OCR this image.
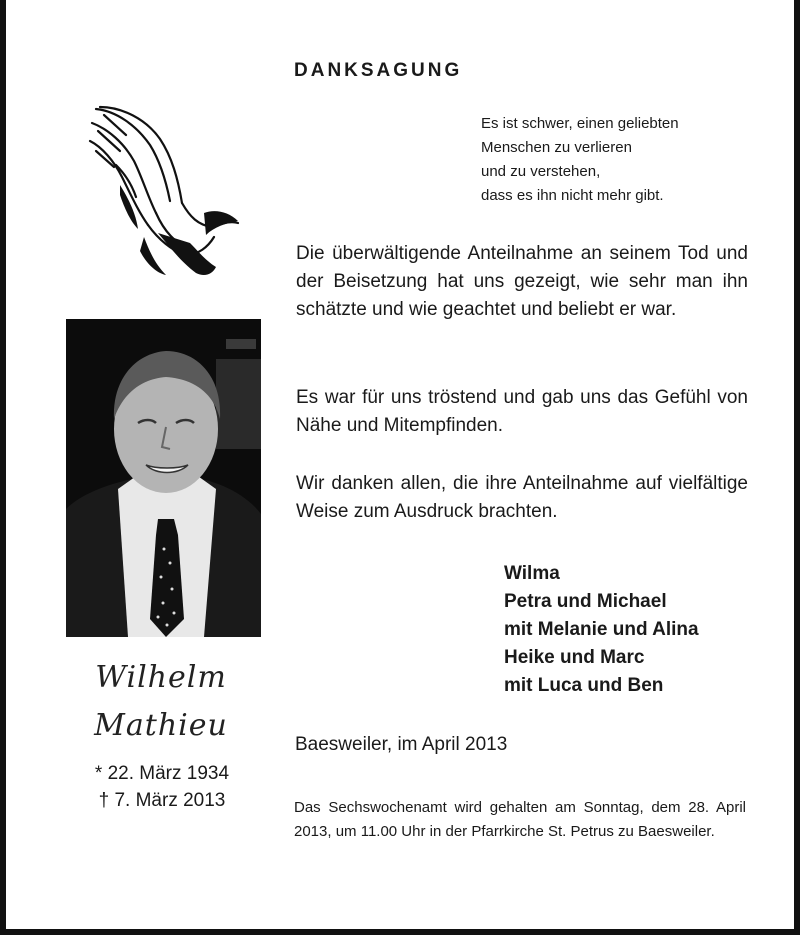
Wilhelm
Mathieu
* 22. März 1934
† 7. März 2013
DANKSAGUNG
Es ist schwer, einen geliebten
Menschen zu verlieren
und zu verstehen,
dass es ihn nicht mehr gibt.
Die überwältigende Anteilnahme an seinem Tod und der Beisetzung hat uns gezeigt, wie sehr man ihn schätzte und wie geachtet und beliebt er war.
Es war für uns tröstend und gab uns das Gefühl von Nähe und Mitempfinden.
Wir danken allen, die ihre Anteilnahme auf vielfältige Weise zum Ausdruck brachten.
Wilma
Petra und Michael
mit Melanie und Alina
Heike und Marc
mit Luca und Ben
Baesweiler, im April 2013
Das Sechswochenamt wird gehalten am Sonntag, dem 28. April 2013, um 11.00 Uhr in der Pfarrkirche St. Petrus zu Baesweiler.
